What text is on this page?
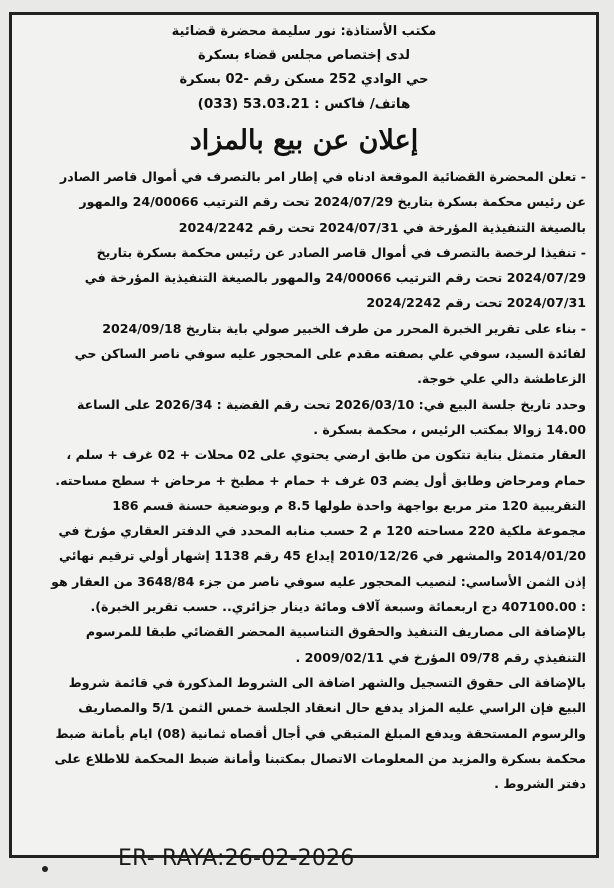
مكتب الأستاذة: نور سليمة محضرة قضائية

لدى إختصاص مجلس قضاء بسكرة

حي الوادي 252 مسكن رقم -02 بسكرة

هاتف/ فاكس : 53.03.21 (033)

إعلان عن بيع بالمزاد

- تعلن المحضرة القضائية الموقعة ادناه في إطار امر بالتصرف في أموال قاصر الصادر
عن رئيس محكمة بسكرة بتاريخ 2024/07/29 تحت رقم الترتيب 24/00066 والمهور
بالصيغة التنفيذية المؤرخة في 2024/07/31 تحت رقم 2024/2242

- تنفيذا لرخصة بالتصرف في أموال قاصر الصادر عن رئيس محكمة بسكرة بتاريخ
2024/07/29 تحت رقم الترتيب 24/00066 والمهور بالصيغة التنفيذية المؤرخة في
2024/07/31 تحت رقم 2024/2242

- بناء على تقرير الخبرة المحرر من طرف الخبير صولي باية بتاريخ 2024/09/18
لفائدة السيد، سوفي علي بصفته مقدم على المحجور عليه سوفي ناصر الساكن حي
الزعاطشة دالي علي خوجة.

وحدد تاريخ جلسة البيع في: 2026/03/10 تحت رقم القضية : 2026/34 على الساعة
14.00 زوالا بمكتب الرئيس ، محكمة بسكرة .

العقار متمثل بناية تتكون من طابق ارضي يحتوي على 02 محلات + 02 غرف + سلم ،
حمام ومرحاض وطابق أول يضم 03 غرف + حمام + مطبخ + مرحاض + سطح مساحته.
التقريبية 120 متر مربع بواجهة واحدة طولها 8.5 م وبوضعية حسنة قسم 186
مجموعة ملكية 220 مساحته 120 م 2 حسب منابه المحدد في الدفتر العقاري مؤرخ في
2014/01/20 والمشهر في 2010/12/26 إيداع 45 رقم 1138 إشهار أولي ترقيم نهائي

إذن الثمن الأساسي: لنصيب المحجور عليه سوفي ناصر من جزء 3648/84 من العقار هو
: 407100.00 دج اربعمائة وسبعة آلاف ومائة دينار جزائري.. حسب تقرير الخبرة).
بالإضافة الى مصاريف التنفيذ والحقوق التناسبية المحضر القضائي طبقا للمرسوم
التنفيذي رقم 09/78 المؤرخ في 2009/02/11 .

بالإضافة الى حقوق التسجيل والشهر اضافة الى الشروط المذكورة في قائمة شروط
البيع فإن الراسي عليه المزاد يدفع حال انعقاد الجلسة خمس الثمن 5/1 والمصاريف
والرسوم المستحقة ويدفع المبلغ المتبقي في أجال أقصاه ثمانية (08) ايام بأمانة ضبط
محكمة بسكرة والمزيد من المعلومات الاتصال بمكتبنا وأمانة ضبط المحكمة للاطلاع على
دفتر الشروط .

ER- RAYA:26-02-2026
